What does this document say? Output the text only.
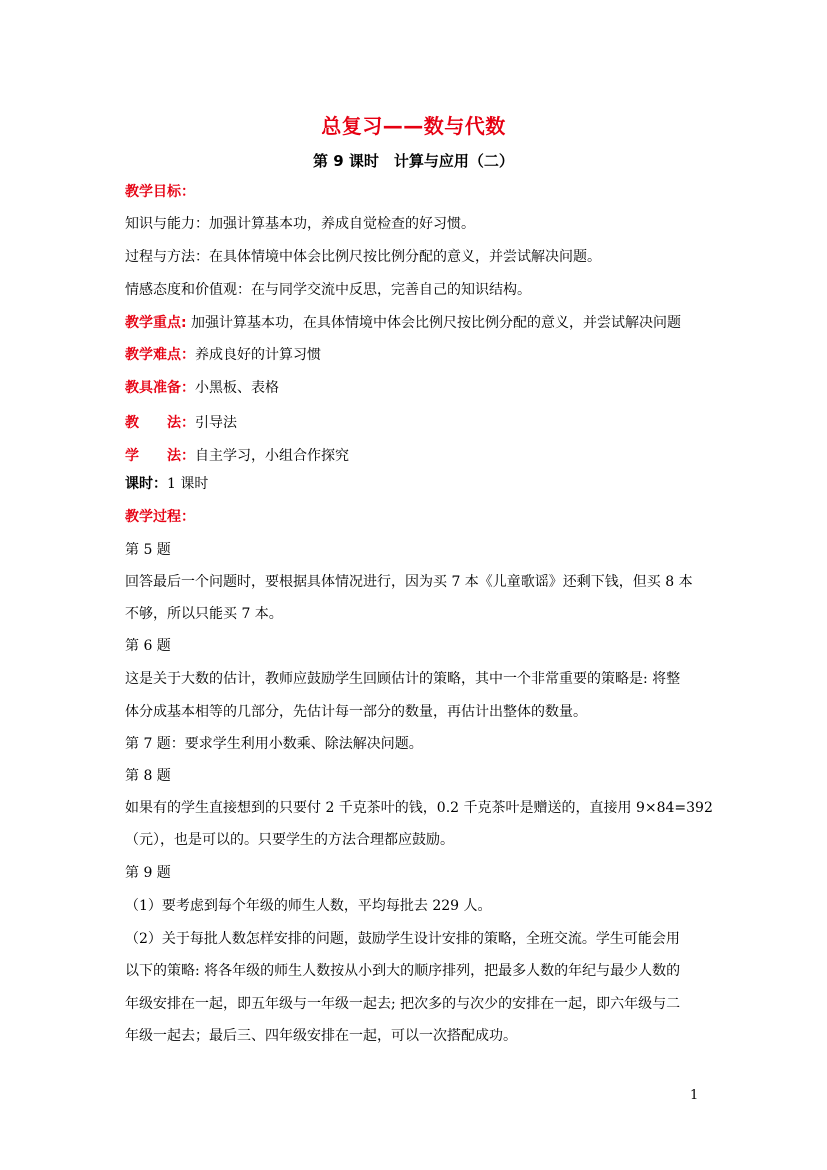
总复习——数与代数
第 9 课时　计算与应用（二）
教学目标：
知识与能力：加强计算基本功，养成自觉检查的好习惯。
过程与方法：在具体情境中体会比例尺按比例分配的意义，并尝试解决问题。
情感态度和价值观：在与同学交流中反思，完善自己的知识结构。
教学重点: 加强计算基本功，在具体情境中体会比例尺按比例分配的意义，并尝试解决问题
教学难点：养成良好的计算习惯
教具准备：小黑板、表格
教　　法：引导法
学　　法：自主学习，小组合作探究
课时：1 课时
教学过程：
第 5 题
回答最后一个问题时，要根据具体情况进行，因为买 7 本《儿童歌谣》还剩下钱，但买 8 本
不够，所以只能买 7 本。
第 6 题
这是关于大数的估计，教师应鼓励学生回顾估计的策略，其中一个非常重要的策略是: 将整
体分成基本相等的几部分，先估计每一部分的数量，再估计出整体的数量。
第 7 题：要求学生利用小数乘、除法解决问题。
第 8 题
如果有的学生直接想到的只要付 2 千克茶叶的钱，0.2 千克茶叶是赠送的，直接用 9×84=392
（元），也是可以的。只要学生的方法合理都应鼓励。
第 9 题
（1）要考虑到每个年级的师生人数，平均每批去 229 人。
（2）关于每批人数怎样安排的问题，鼓励学生设计安排的策略，全班交流。学生可能会用
以下的策略: 将各年级的师生人数按从小到大的顺序排列，把最多人数的年纪与最少人数的
年级安排在一起，即五年级与一年级一起去; 把次多的与次少的安排在一起，即六年级与二
年级一起去；最后三、四年级安排在一起，可以一次搭配成功。
1
